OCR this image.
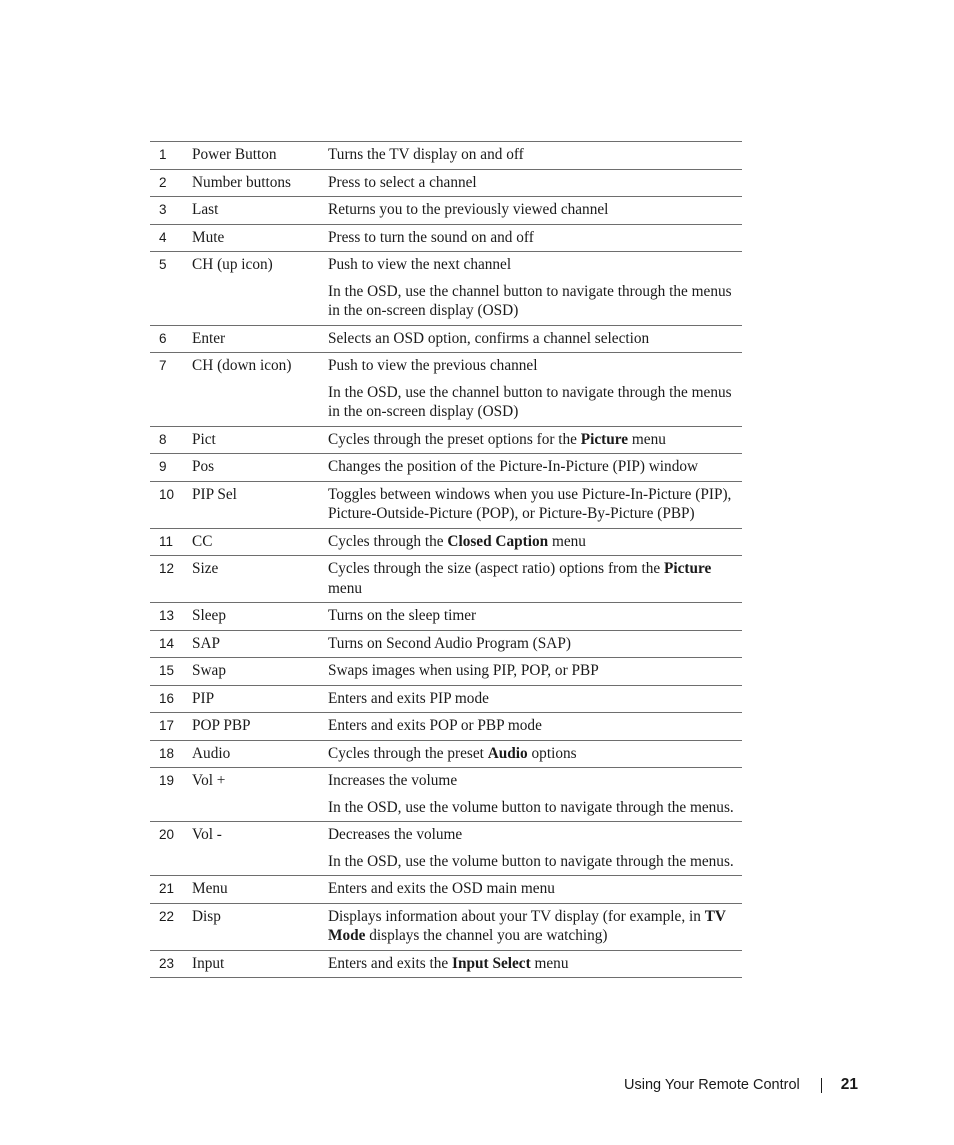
1	Power Button	Turns the TV display on and off

2	Number buttons	Press to select a channel

3	Last	Returns you to the previously viewed channel

4	Mute	Press to turn the sound on and off

5	CH (up icon)	Push to view the next channel

In the OSD, use the channel button to navigate through the menus in the on-screen display (OSD)

6	Enter	Selects an OSD option, confirms a channel selection

7	CH (down icon)	Push to view the previous channel

In the OSD, use the channel button to navigate through the menus in the on-screen display (OSD)

8	Pict	Cycles through the preset options for the Picture menu

9	Pos	Changes the position of the Picture-In-Picture (PIP) window

10	PIP Sel	Toggles between windows when you use Picture-In-Picture (PIP), Picture-Outside-Picture (POP), or Picture-By-Picture (PBP)

11	CC	Cycles through the Closed Caption menu

12	Size	Cycles through the size (aspect ratio) options from the Picture menu

13	Sleep	Turns on the sleep timer

14	SAP	Turns on Second Audio Program (SAP)

15	Swap	Swaps images when using PIP, POP, or PBP

16	PIP	Enters and exits PIP mode

17	POP PBP	Enters and exits POP or PBP mode

18	Audio	Cycles through the preset Audio options

19	Vol +	Increases the volume

In the OSD, use the volume button to navigate through the menus.

20	Vol -	Decreases the volume

In the OSD, use the volume button to navigate through the menus.

21	Menu	Enters and exits the OSD main menu

22	Disp	Displays information about your TV display (for example, in TV Mode displays the channel you are watching)

23	Input	Enters and exits the Input Select menu

Using Your Remote Control	21
